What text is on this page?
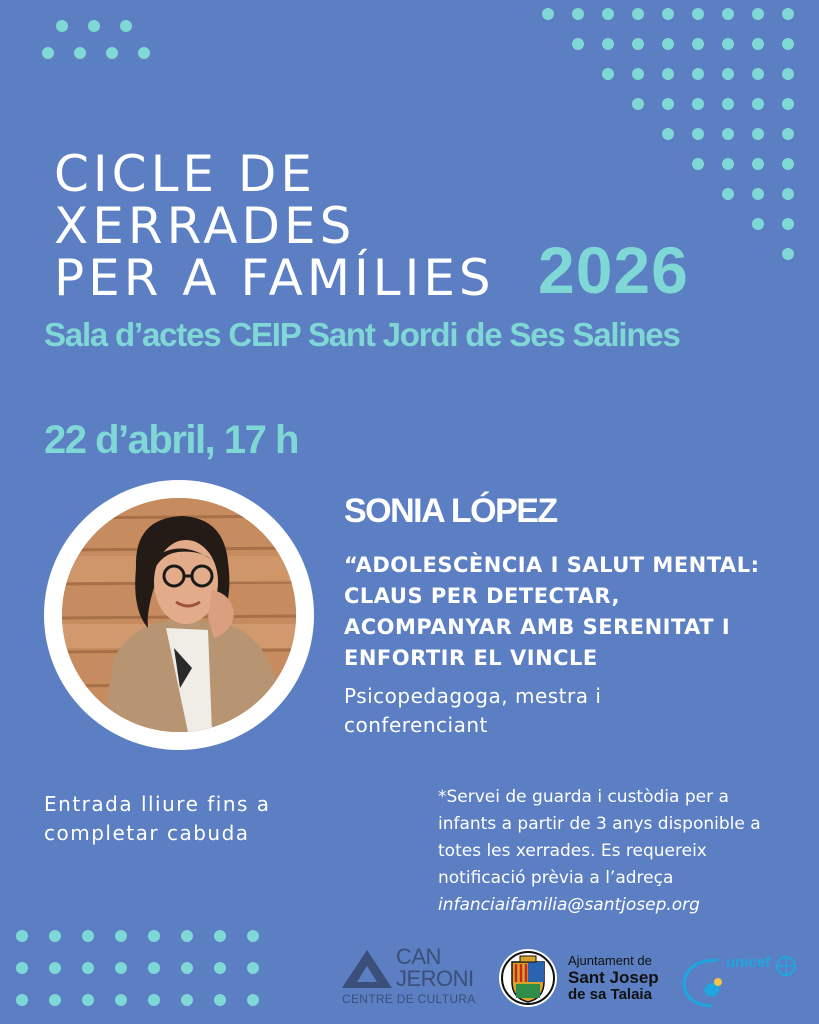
CICLE DE
XERRADES
PER A FAMÍLIES 2026
Sala d’actes CEIP Sant Jordi de Ses Salines
22 d’abril, 17 h
SONIA LÓPEZ
“ADOLESCÈNCIA I SALUT MENTAL:
CLAUS PER DETECTAR,
ACOMPANYAR AMB SERENITAT I
ENFORTIR EL VINCLE
Psicopedagoga, mestra i
conferenciant
Entrada lliure fins a
completar cabuda
*Servei de guarda i custòdia per a
infants a partir de 3 anys disponible a
totes les xerrades. Es requereix
notificació prèvia a l’adreça
infanciaifamilia@santjosep.org
CAN
JERONI
CENTRE DE CULTURA
Ajuntament de
Sant Josep
de sa Talaia
unicef
